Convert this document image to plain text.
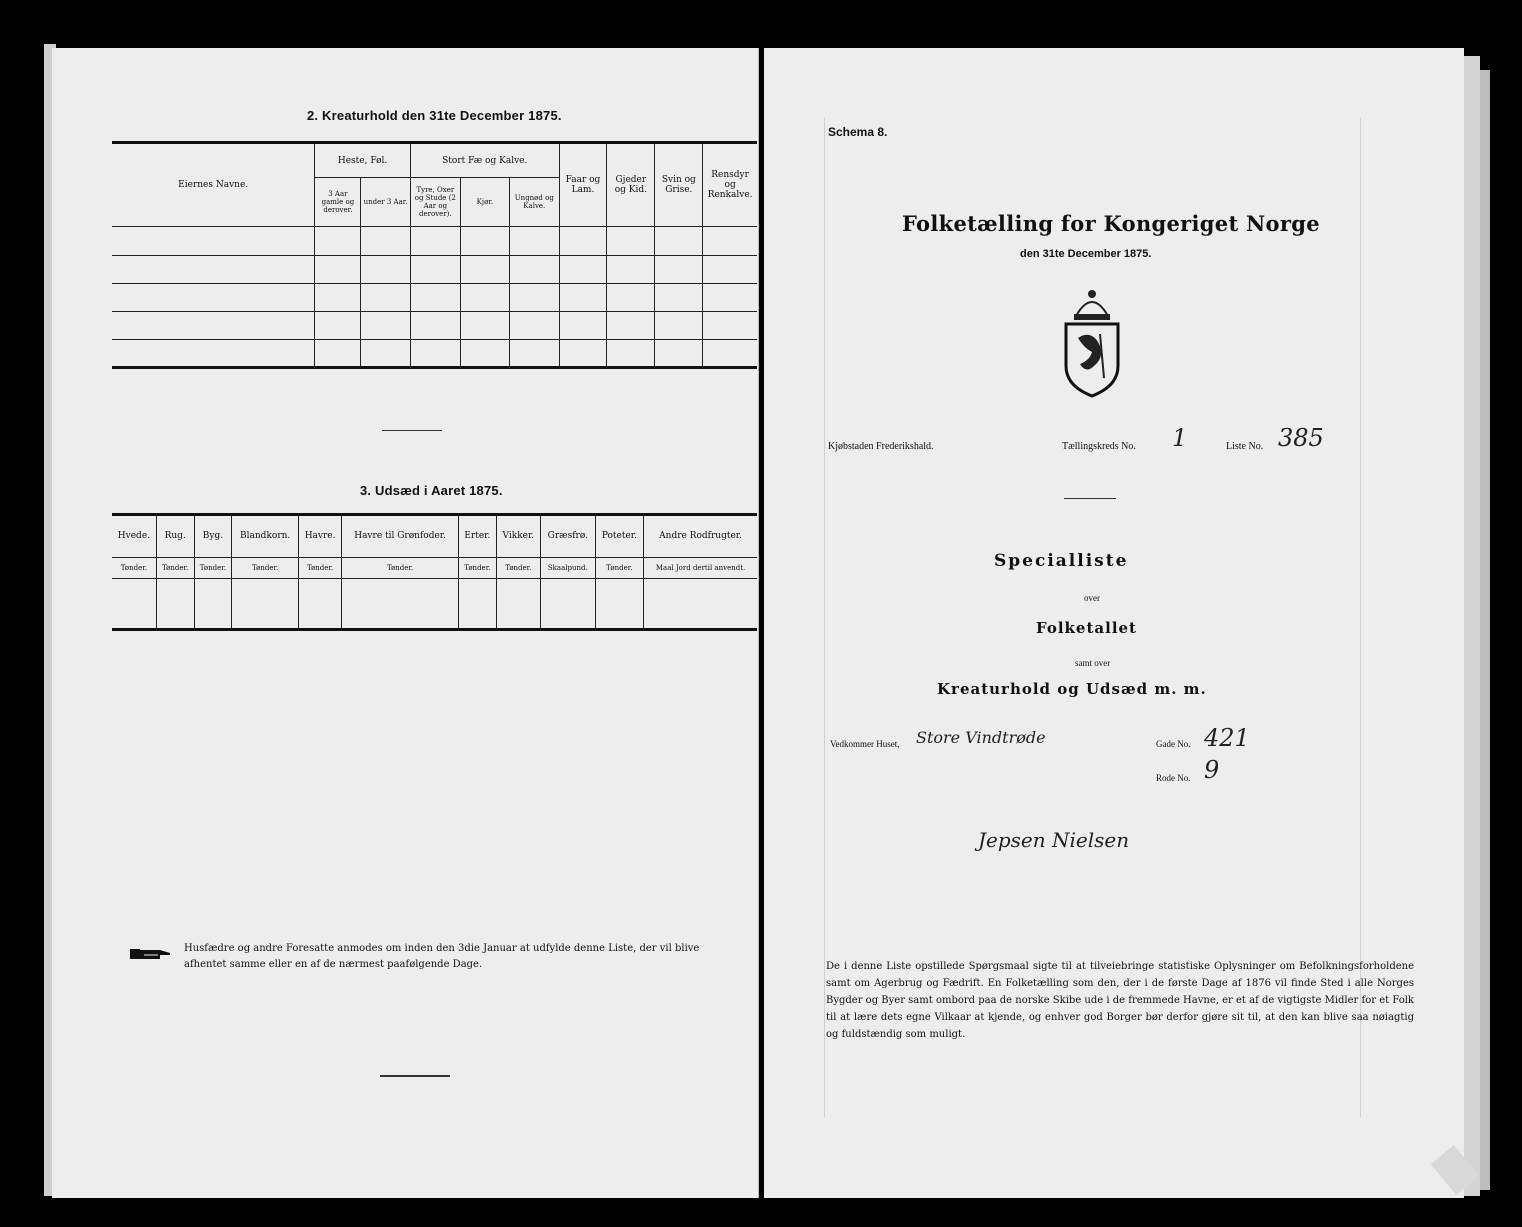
2. Kreaturhold den 31te December 1875.
Eiernes Navne.	Heste, Føl.		Stort Fæ og Kalve.			Faar og Lam.	Gjeder og Kid.	Svin og Grise.	Rensdyr og Renkalve.
	3 Aar gamle og derover.	under 3 Aar.	Tyre, Oxer og Stude (2 Aar og derover).	Kjør.	Ungnød og Kalve.				

3. Udsæd i Aaret 1875.
Hvede.	Rug.	Byg.	Blandkorn.	Havre.	Havre til Grønfoder.	Erter.	Vikker.	Græsfrø.	Poteter.	Andre Rodfrugter.
Tønder.	Tønder.	Tønder.	Tønder.	Tønder.	Tønder.	Tønder.	Tønder.	Skaalpund.	Tønder.	Maal Jord dertil anvendt.

Husfædre og andre Foresatte anmodes om inden den 3die Januar at udfylde denne Liste, der vil blive afhentet samme eller en af de nærmest paafølgende Dage.
Schema 8.
Folketælling for Kongeriget Norge
den 31te December 1875.
Kjøbstaden Frederikshald.	Tællingskreds No. 1	Liste No. 385
Specialliste
over
Folketallet
samt over
Kreaturhold og Udsæd m. m.
Vedkommer Huset, Store Vindtrøde	Gade No. 421
Rode No. 9
Jepsen Nielsen
De i denne Liste opstillede Spørgsmaal sigte til at tilveiebringe statistiske Oplysninger om Befolkningsforholdene samt om Agerbrug og Fædrift. En Folketælling som den, der i de første Dage af 1876 vil finde Sted i alle Norges Bygder og Byer samt ombord paa de norske Skibe ude i de fremmede Havne, er et af de vigtigste Midler for et Folk til at lære dets egne Vilkaar at kjende, og enhver god Borger bør derfor gjøre sit til, at den kan blive saa nøiagtig og fuldstændig som muligt.
